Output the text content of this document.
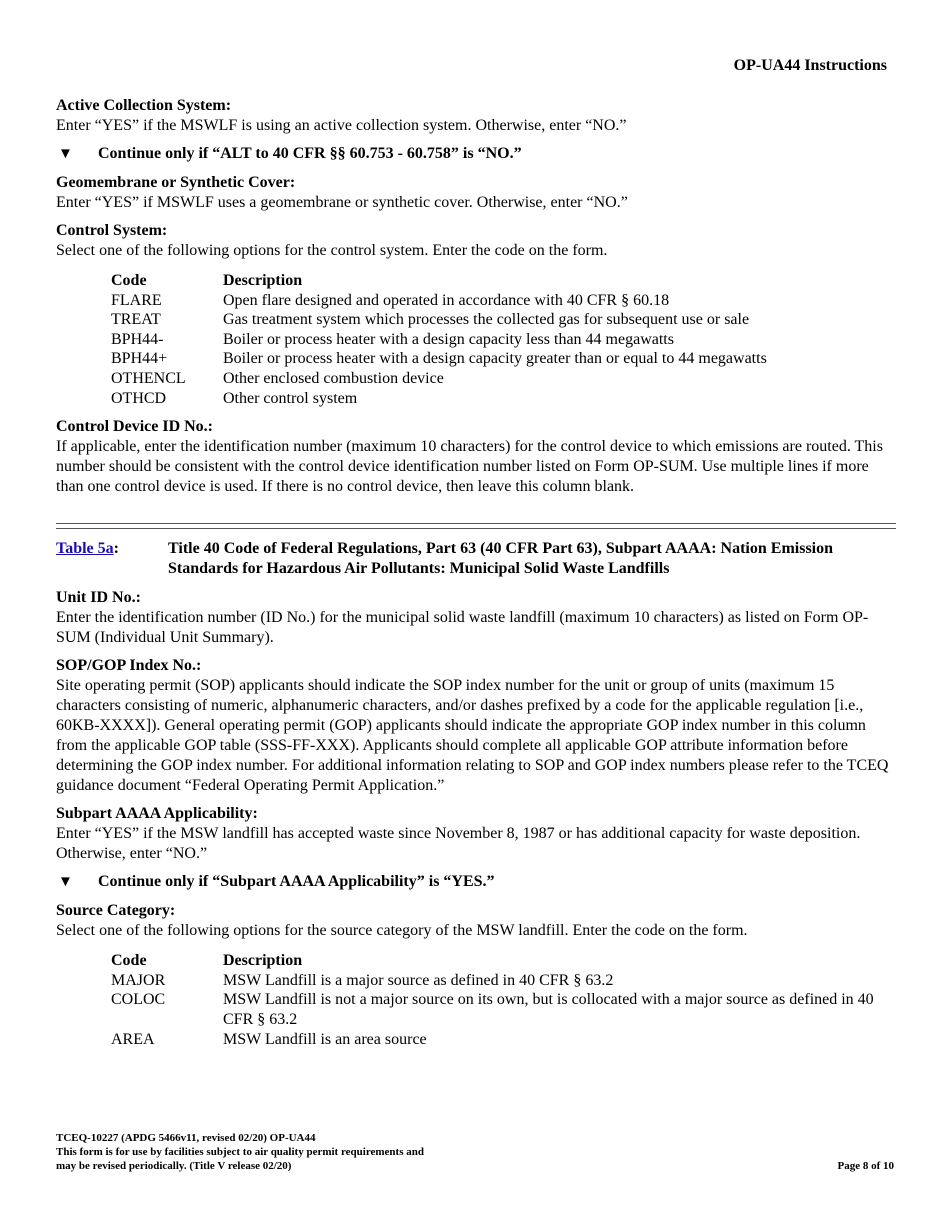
OP-UA44 Instructions
Active Collection System:
Enter “YES” if the MSWLF is using an active collection system. Otherwise, enter “NO.”
▼ Continue only if “ALT to 40 CFR §§ 60.753 - 60.758” is “NO.”
Geomembrane or Synthetic Cover:
Enter “YES” if MSWLF uses a geomembrane or synthetic cover. Otherwise, enter “NO.”
Control System:
Select one of the following options for the control system. Enter the code on the form.
Code	Description
FLARE	Open flare designed and operated in accordance with 40 CFR § 60.18
TREAT	Gas treatment system which processes the collected gas for subsequent use or sale
BPH44-	Boiler or process heater with a design capacity less than 44 megawatts
BPH44+	Boiler or process heater with a design capacity greater than or equal to 44 megawatts
OTHENCL	Other enclosed combustion device
OTHCD	Other control system
Control Device ID No.:
If applicable, enter the identification number (maximum 10 characters) for the control device to which emissions are routed. This number should be consistent with the control device identification number listed on Form OP-SUM. Use multiple lines if more than one control device is used. If there is no control device, then leave this column blank.
Table 5a:	Title 40 Code of Federal Regulations, Part 63 (40 CFR Part 63), Subpart AAAA: Nation Emission Standards for Hazardous Air Pollutants: Municipal Solid Waste Landfills
Unit ID No.:
Enter the identification number (ID No.) for the municipal solid waste landfill (maximum 10 characters) as listed on Form OP-SUM (Individual Unit Summary).
SOP/GOP Index No.:
Site operating permit (SOP) applicants should indicate the SOP index number for the unit or group of units (maximum 15 characters consisting of numeric, alphanumeric characters, and/or dashes prefixed by a code for the applicable regulation [i.e., 60KB-XXXX]). General operating permit (GOP) applicants should indicate the appropriate GOP index number in this column from the applicable GOP table (SSS-FF-XXX). Applicants should complete all applicable GOP attribute information before determining the GOP index number. For additional information relating to SOP and GOP index numbers please refer to the TCEQ guidance document “Federal Operating Permit Application.”
Subpart AAAA Applicability:
Enter “YES” if the MSW landfill has accepted waste since November 8, 1987 or has additional capacity for waste deposition. Otherwise, enter “NO.”
▼ Continue only if “Subpart AAAA Applicability” is “YES.”
Source Category:
Select one of the following options for the source category of the MSW landfill. Enter the code on the form.
Code	Description
MAJOR	MSW Landfill is a major source as defined in 40 CFR § 63.2
COLOC	MSW Landfill is not a major source on its own, but is collocated with a major source as defined in 40 CFR § 63.2
AREA	MSW Landfill is an area source
TCEQ-10227 (APDG 5466v11, revised 02/20) OP-UA44
This form is for use by facilities subject to air quality permit requirements and
may be revised periodically. (Title V release 02/20)	Page 8 of 10
